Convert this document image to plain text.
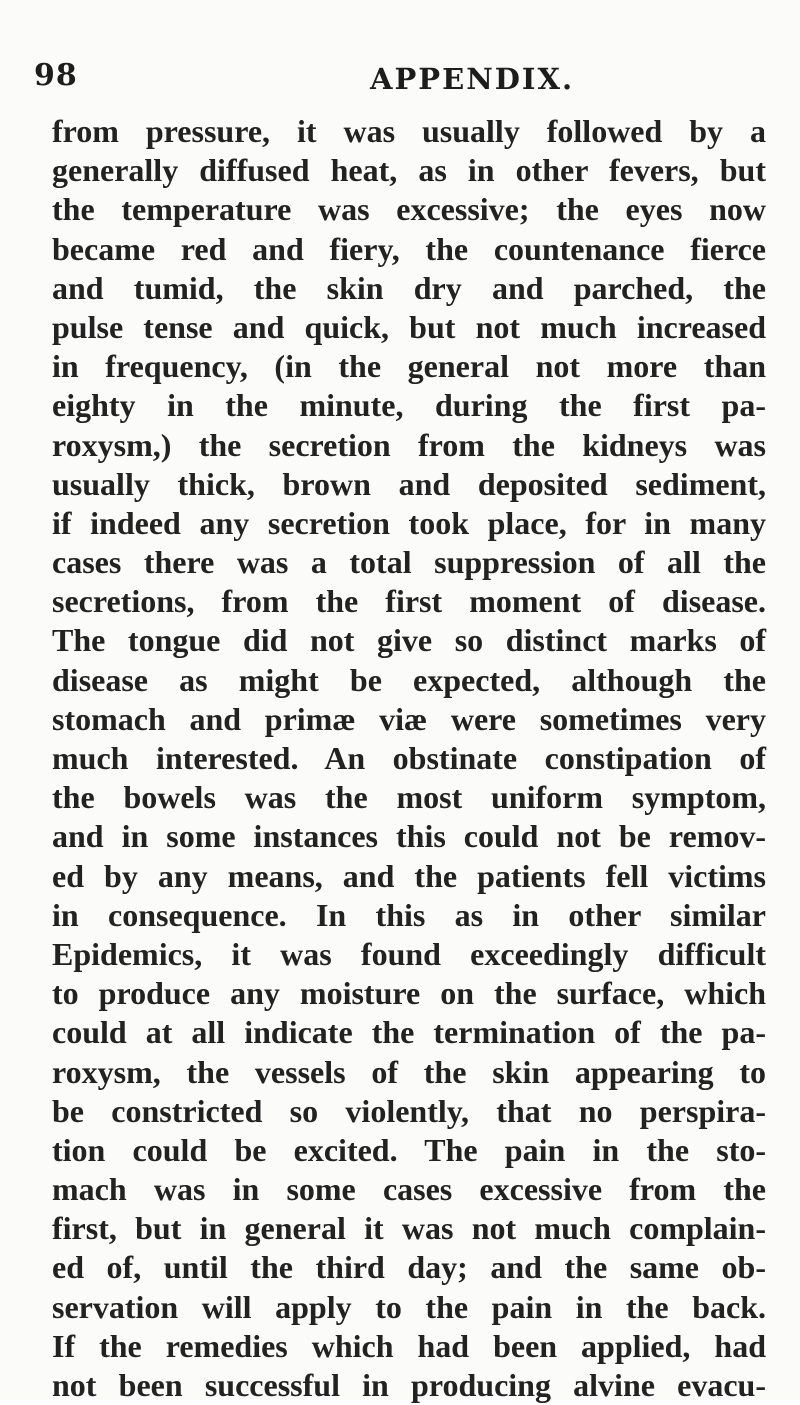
98	APPENDIX.
from pressure, it was usually followed by a
generally diffused heat, as in other fevers, but
the temperature was excessive; the eyes now
became red and fiery, the countenance fierce
and tumid, the skin dry and parched, the
pulse tense and quick, but not much increased
in frequency, (in the general not more than
eighty in the minute, during the first pa-
roxysm,) the secretion from the kidneys was
usually thick, brown and deposited sediment,
if indeed any secretion took place, for in many
cases there was a total suppression of all the
secretions, from the first moment of disease.
The tongue did not give so distinct marks of
disease as might be expected, although the
stomach and primæ viæ were sometimes very
much interested. An obstinate constipation of
the bowels was the most uniform symptom,
and in some instances this could not be remov-
ed by any means, and the patients fell victims
in consequence. In this as in other similar
Epidemics, it was found exceedingly difficult
to produce any moisture on the surface, which
could at all indicate the termination of the pa-
roxysm, the vessels of the skin appearing to
be constricted so violently, that no perspira-
tion could be excited. The pain in the sto-
mach was in some cases excessive from the
first, but in general it was not much complain-
ed of, until the third day; and the same ob-
servation will apply to the pain in the back.
If the remedies which had been applied, had
not been successful in producing alvine evacu-
